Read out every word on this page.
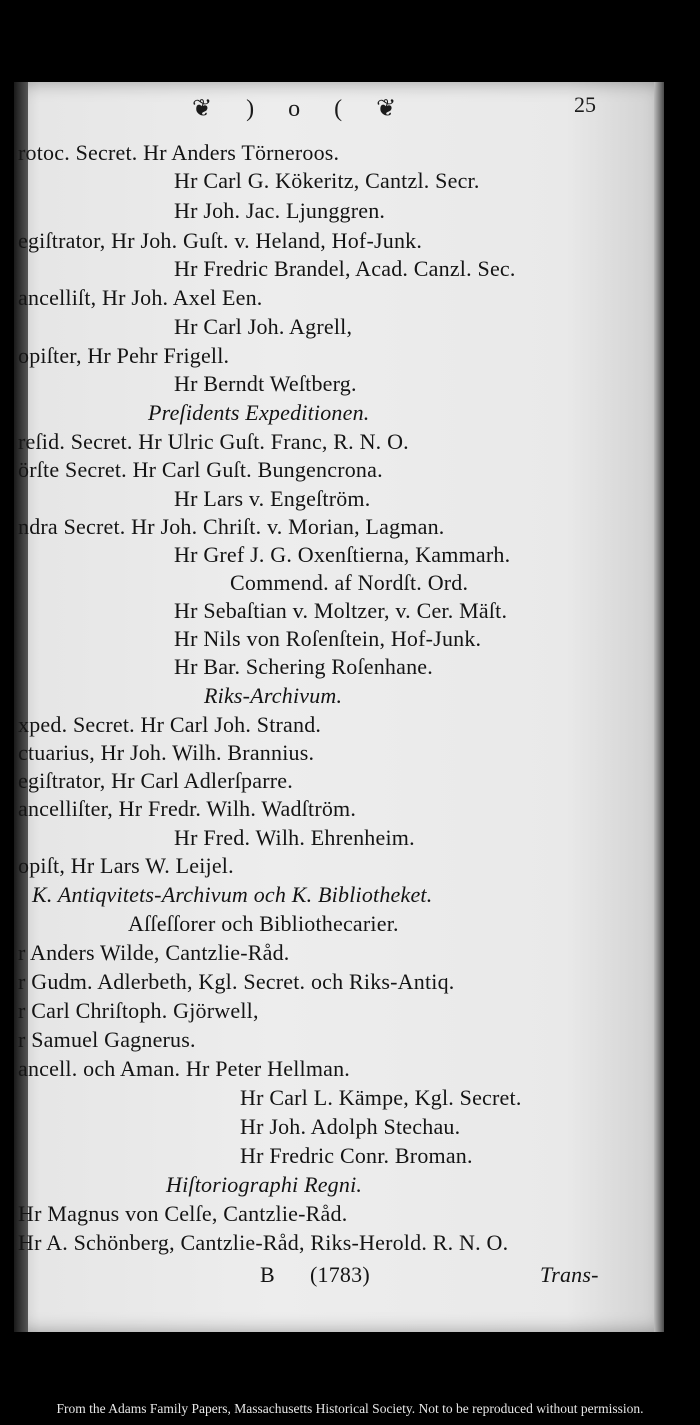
❦ ) o ( ❦	25
rotoc. Secret. Hr Anders Törneroos.
Hr Carl G. Kökeritz, Cantzl. Secr.
Hr Joh. Jac. Ljunggren.
egiſtrator, Hr Joh. Guſt. v. Heland, Hof-Junk.
Hr Fredric Brandel, Acad. Canzl. Sec.
ancelliſt, Hr Joh. Axel Een.
Hr Carl Joh. Agrell,
opiſter, Hr Pehr Frigell.
Hr Berndt Weſtberg.
Preſidents Expeditionen.
reſid. Secret. Hr Ulric Guſt. Franc, R. N. O.
örſte Secret. Hr Carl Guſt. Bungencrona.
Hr Lars v. Engeſtröm.
ndra Secret. Hr Joh. Chriſt. v. Morian, Lagman.
Hr Gref J. G. Oxenſtierna, Kammarh.
Commend. af Nordſt. Ord.
Hr Sebaſtian v. Moltzer, v. Cer. Mäſt.
Hr Nils von Roſenſtein, Hof-Junk.
Hr Bar. Schering Roſenhane.
Riks-Archivum.
xped. Secret. Hr Carl Joh. Strand.
ctuarius, Hr Joh. Wilh. Brannius.
egiſtrator, Hr Carl Adlerſparre.
ancelliſter, Hr Fredr. Wilh. Wadſtröm.
Hr Fred. Wilh. Ehrenheim.
opiſt, Hr Lars W. Leijel.
K. Antiqvitets-Archivum och K. Bibliotheket.
Aſſeſſorer och Bibliothecarier.
r Anders Wilde, Cantzlie-Råd.
r Gudm. Adlerbeth, Kgl. Secret. och Riks-Antiq.
r Carl Chriſtoph. Gjörwell,
r Samuel Gagnerus.
ancell. och Aman. Hr Peter Hellman.
Hr Carl L. Kämpe, Kgl. Secret.
Hr Joh. Adolph Stechau.
Hr Fredric Conr. Broman.
Hiſtoriographi Regni.
Hr Magnus von Celſe, Cantzlie-Råd.
Hr A. Schönberg, Cantzlie-Råd, Riks-Herold. R. N. O.
B (1783)	Trans-
From the Adams Family Papers, Massachusetts Historical Society. Not to be reproduced without permission.
